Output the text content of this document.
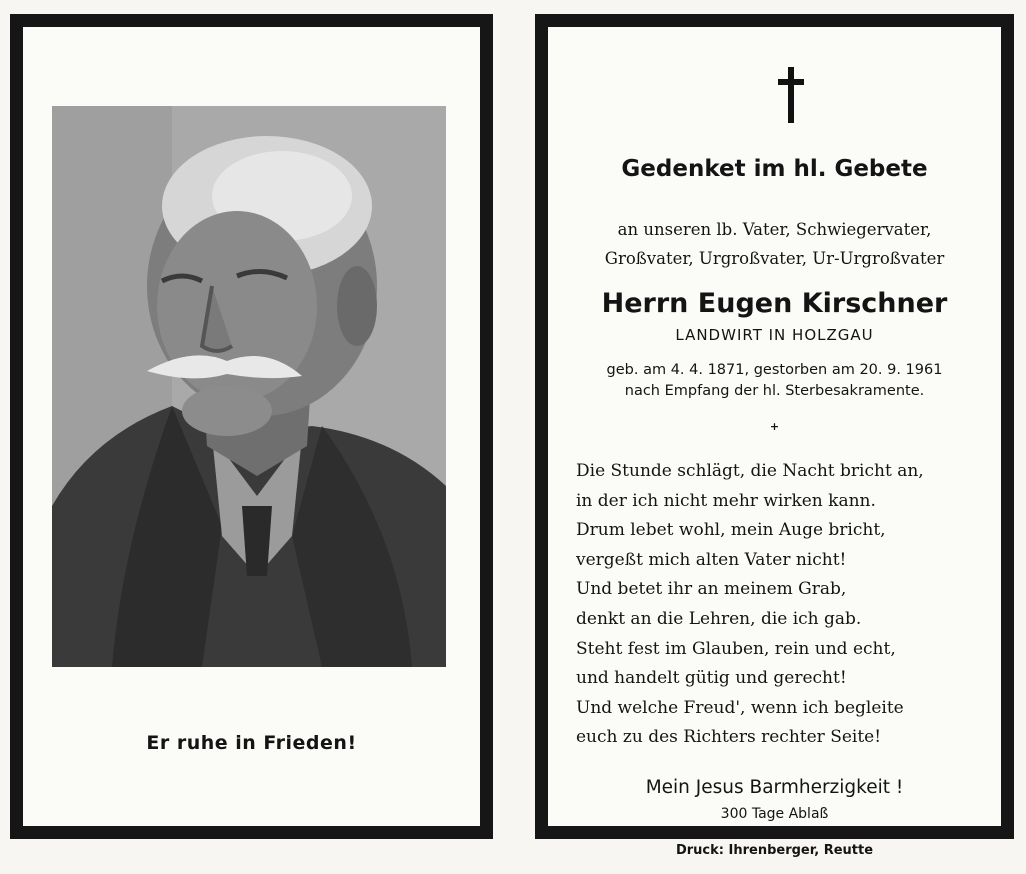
Er ruhe in Frieden!
Gedenket im hl. Gebete
an unseren lb. Vater, Schwiegervater,
Großvater, Urgroßvater, Ur-Urgroßvater
Herrn Eugen Kirschner
LANDWIRT IN HOLZGAU
geb. am 4. 4. 1871, gestorben am 20. 9. 1961
nach Empfang der hl. Sterbesakramente.
+
Die Stunde schlägt, die Nacht bricht an,
in der ich nicht mehr wirken kann.
Drum lebet wohl, mein Auge bricht,
vergeßt mich alten Vater nicht!
Und betet ihr an meinem Grab,
denkt an die Lehren, die ich gab.
Steht fest im Glauben, rein und echt,
und handelt gütig und gerecht!
Und welche Freud', wenn ich begleite
euch zu des Richters rechter Seite!
Mein Jesus Barmherzigkeit !
300 Tage Ablaß
Druck: Ihrenberger, Reutte
